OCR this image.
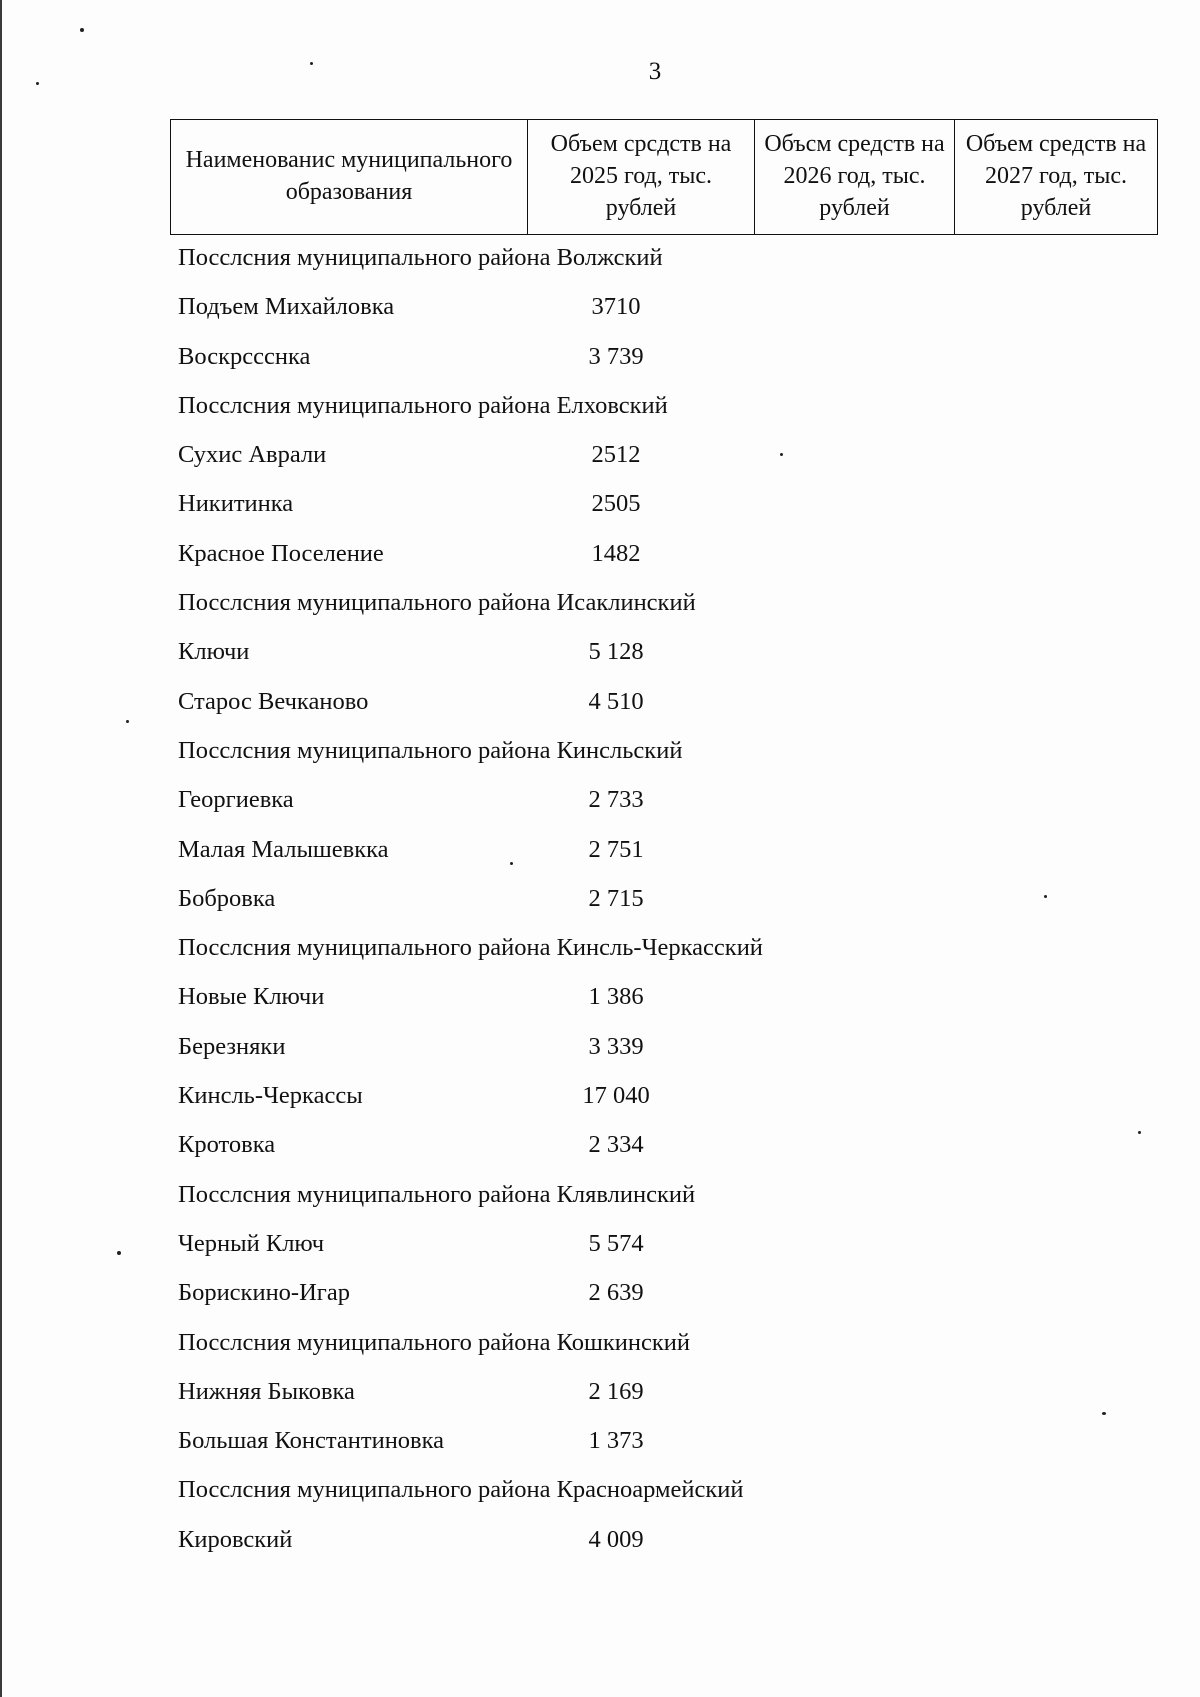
3
Наименованис муниципального образования	Объем срсдств на 2025 год, тыс. рублей	Объсм средств на 2026 год, тыс. рублей	Объем средств на 2027 год, тыс. рублей
Посслсния муниципального района Волжский
Подъем Михайловка	3710
Воскрссснка	3 739
Посслсния муниципального района Елховский
Сухис Аврали	2512
Никитинка	2505
Красное Поселение	1482
Посслсния муниципального района Исаклинский
Ключи	5 128
Старос Вечканово	4 510
Посслсния муниципального района Кинсльский
Георгиевка	2 733
Малая Малышевкка	2 751
Бобровка	2 715
Посслсния муниципального района Кинсль-Черкасский
Новые Ключи	1 386
Березняки	3 339
Кинсль-Черкассы	17 040
Кротовка	2 334
Посслсния муниципального района Клявлинский
Черный Ключ	5 574
Борискино-Игар	2 639
Посслсния муниципального района Кошкинский
Нижняя Быковка	2 169
Большая Константиновка	1 373
Посслсния муниципального района Красноармейский
Кировский	4 009
